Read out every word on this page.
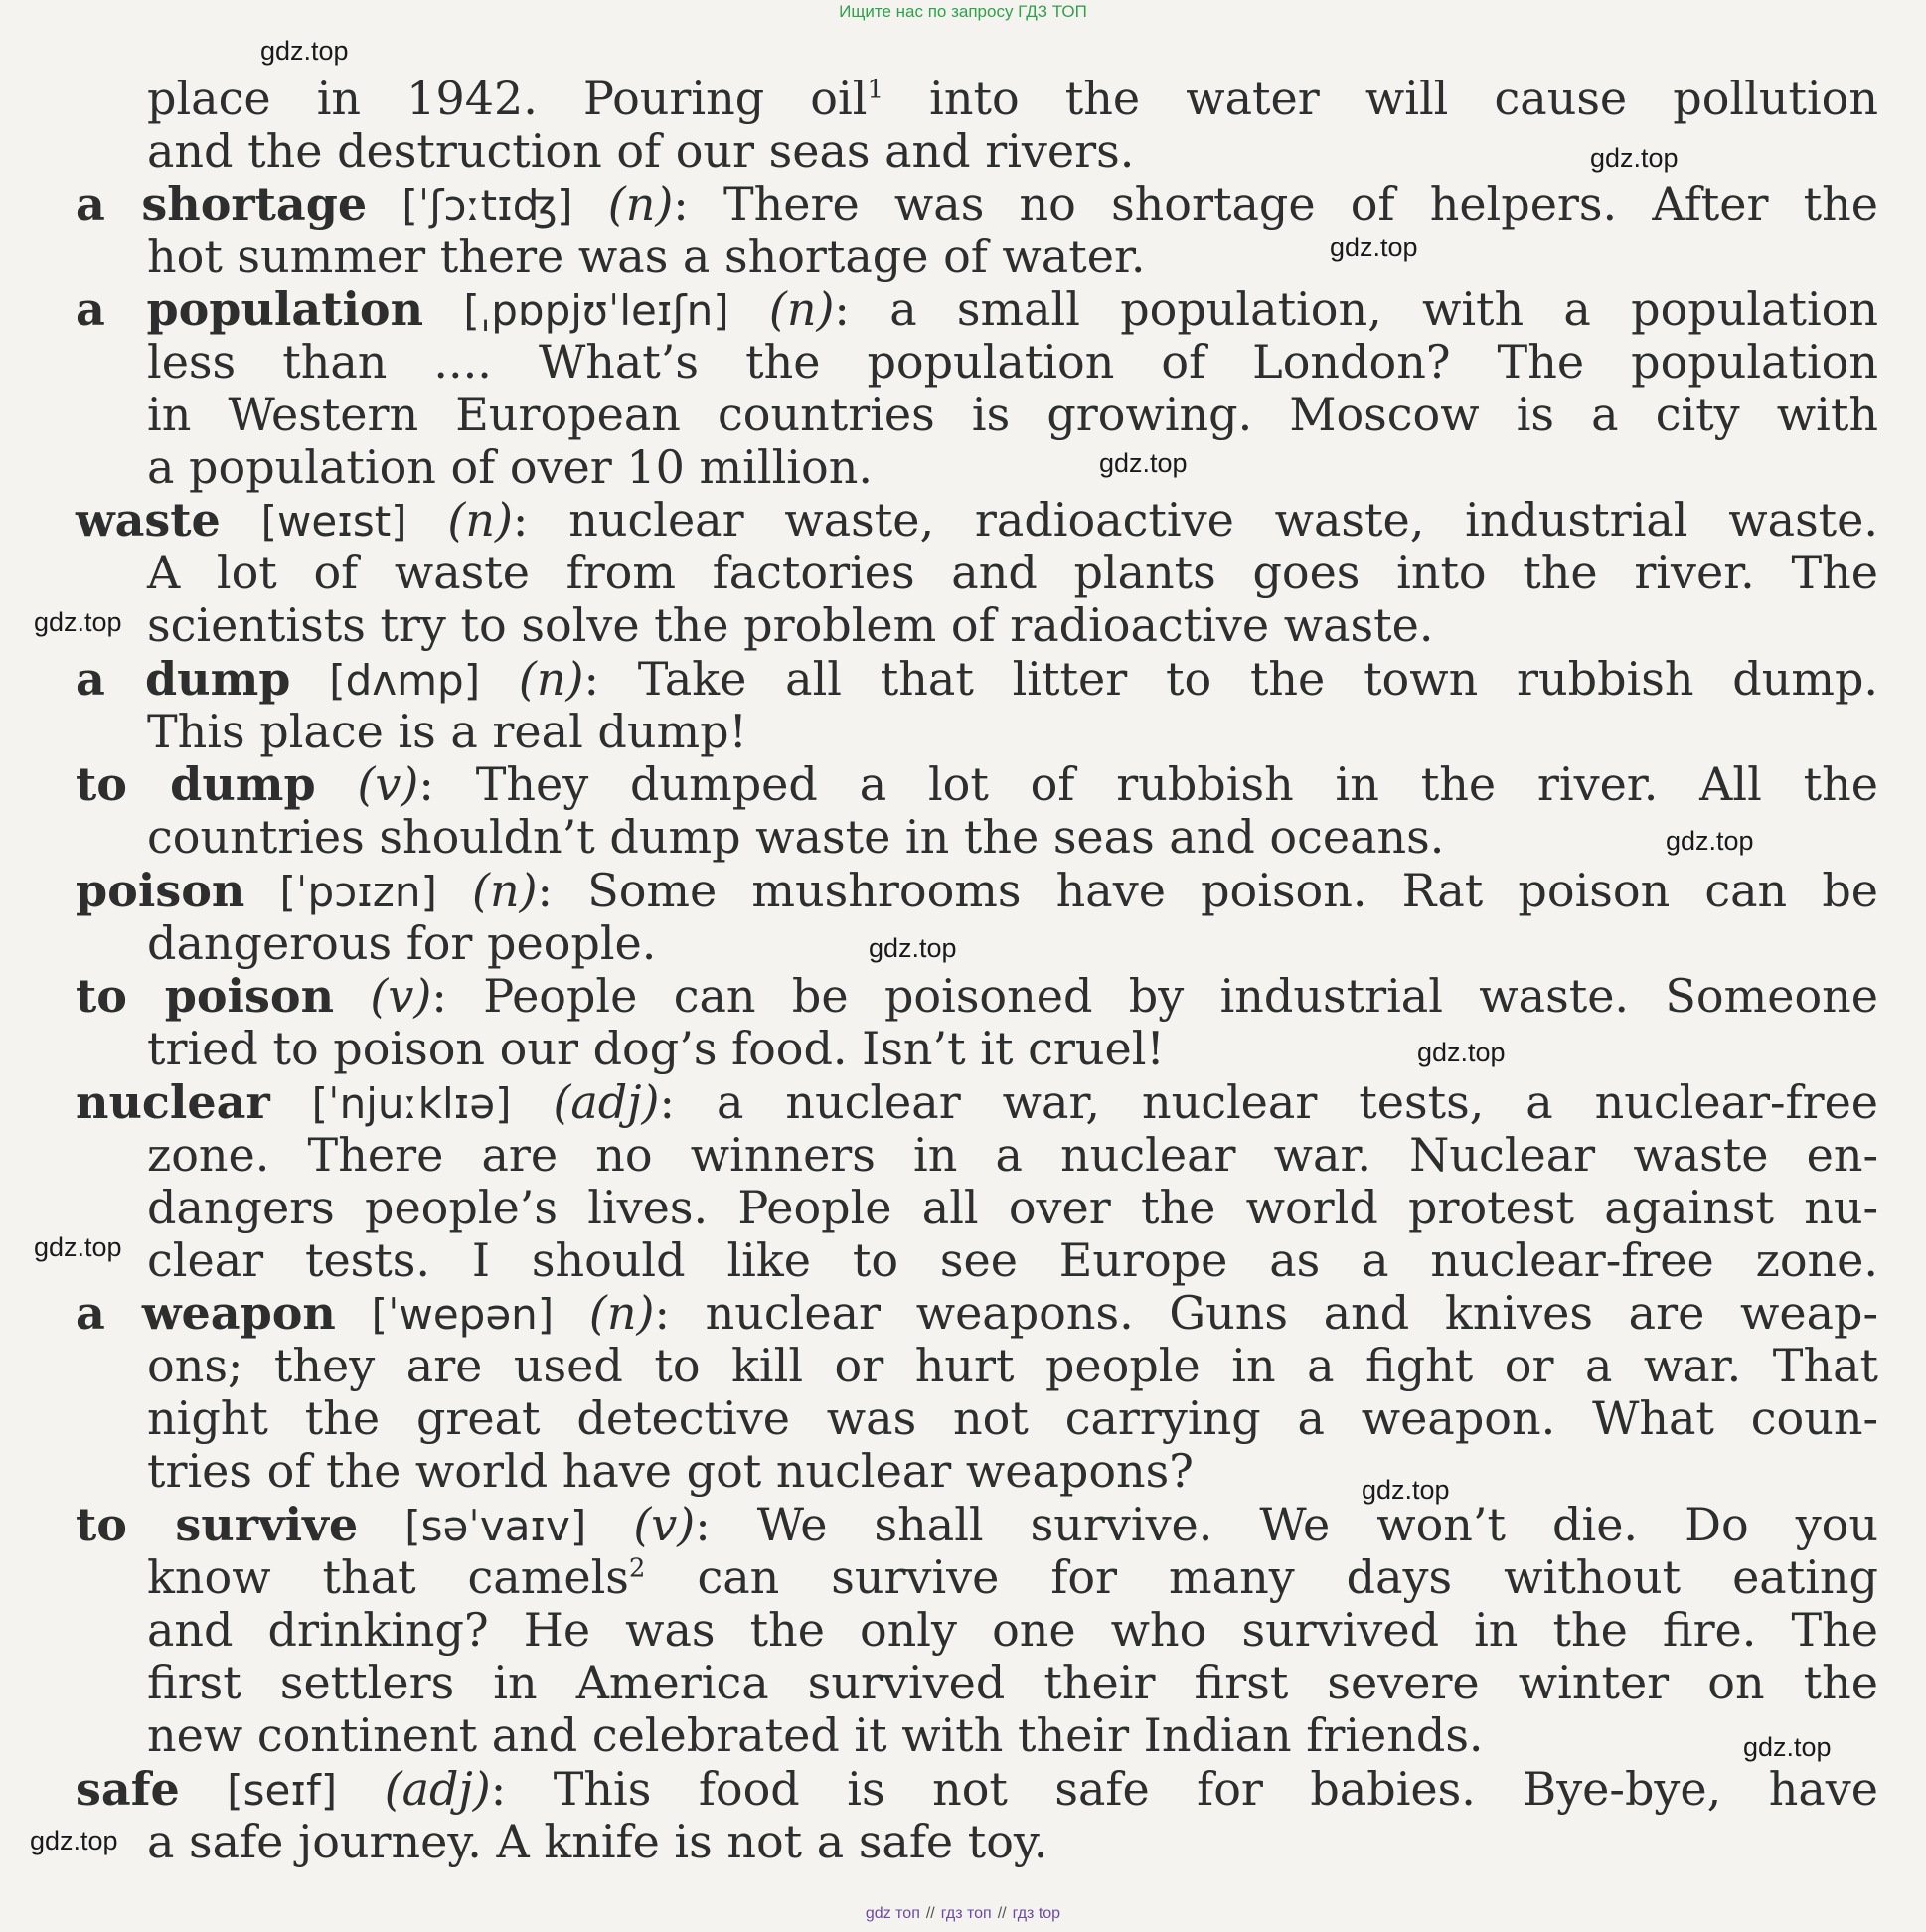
Ищите нас по запросу ГДЗ ТОП
place in 1942. Pouring oil$^1$ into the water will cause pollution
and the destruction of our seas and rivers.
a shortage [ˈʃɔːtɪʤ] (n): There was no shortage of helpers. After the
hot summer there was a shortage of water.
a population [ˌpɒpjʊˈleɪʃn] (n): a small population, with a population
less than .... What’s the population of London? The population
in Western European countries is growing. Moscow is a city with
a population of over 10 million.
waste [weɪst] (n): nuclear waste, radioactive waste, industrial waste.
A lot of waste from factories and plants goes into the river. The
scientists try to solve the problem of radioactive waste.
a dump [dʌmp] (n): Take all that litter to the town rubbish dump.
This place is a real dump!
to dump (v): They dumped a lot of rubbish in the river. All the
countries shouldn’t dump waste in the seas and oceans.
poison [ˈpɔɪzn] (n): Some mushrooms have poison. Rat poison can be
dangerous for people.
to poison (v): People can be poisoned by industrial waste. Someone
tried to poison our dog’s food. Isn’t it cruel!
nuclear [ˈnjuːklɪə] (adj): a nuclear war, nuclear tests, a nuclear-free
zone. There are no winners in a nuclear war. Nuclear waste en-
dangers people’s lives. People all over the world protest against nu-
clear tests. I should like to see Europe as a nuclear-free zone.
a weapon [ˈwepən] (n): nuclear weapons. Guns and knives are weap-
ons; they are used to kill or hurt people in a fight or a war. That
night the great detective was not carrying a weapon. What coun-
tries of the world have got nuclear weapons?
to survive [səˈvaɪv] (v): We shall survive. We won’t die. Do you
know that camels$^2$ can survive for many days without eating
and drinking? He was the only one who survived in the fire. The
first settlers in America survived their first severe winter on the
new continent and celebrated it with their Indian friends.
safe [seɪf] (adj): This food is not safe for babies. Bye-bye, have
a safe journey. A knife is not a safe toy.
gdz.top
gdz.top
gdz.top
gdz.top
gdz.top
gdz.top
gdz.top
gdz.top
gdz.top
gdz.top
gdz.top
gdz.top
gdz топ // гдз топ // гдз top
